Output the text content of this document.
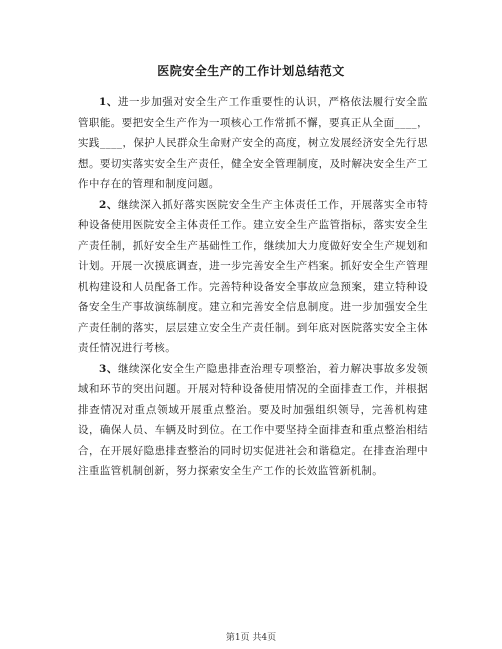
医院安全生产的工作计划总结范文

1、进一步加强对安全生产工作重要性的认识，严格依法履行安全监管职能。要把安全生产作为一项核心工作常抓不懈，要真正从全面____，实践____，保护人民群众生命财产安全的高度，树立发展经济安全先行思想。要切实落实安全生产责任，健全安全管理制度，及时解决安全生产工作中存在的管理和制度问题。

2、继续深入抓好落实医院安全生产主体责任工作，开展落实全市特种设备使用医院安全主体责任工作。建立安全生产监管指标，落实安全生产责任制，抓好安全生产基础性工作，继续加大力度做好安全生产规划和计划。开展一次摸底调查，进一步完善安全生产档案。抓好安全生产管理机构建设和人员配备工作。完善特种设备安全事故应急预案，建立特种设备安全生产事故演练制度。建立和完善安全信息制度。进一步加强安全生产责任制的落实，层层建立安全生产责任制。到年底对医院落实安全主体责任情况进行考核。

3、继续深化安全生产隐患排查治理专项整治，着力解决事故多发领域和环节的突出问题。开展对特种设备使用情况的全面排查工作，并根据排查情况对重点领域开展重点整治。要及时加强组织领导，完善机构建设，确保人员、车辆及时到位。在工作中要坚持全面排查和重点整治相结合，在开展好隐患排查整治的同时切实促进社会和谐稳定。在排查治理中注重监管机制创新，努力探索安全生产工作的长效监管新机制。

第1页 共4页
